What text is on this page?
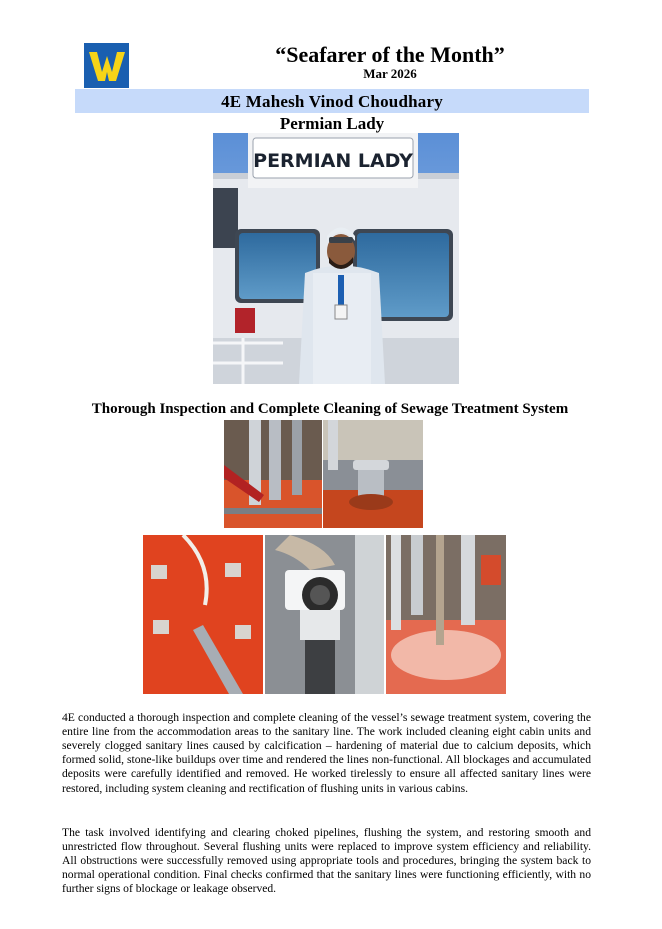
“Seafarer of the Month”
Mar 2026
4E Mahesh Vinod Choudhary
Permian Lady
PERMIAN LADY
Thorough Inspection and Complete Cleaning of Sewage Treatment System

4E conducted a thorough inspection and complete cleaning of the vessel’s sewage treatment system, covering the entire line from the accommodation areas to the sanitary line. The work included cleaning eight cabin units and severely clogged sanitary lines caused by calcification – hardening of material due to calcium deposits, which formed solid, stone-like buildups over time and rendered the lines non-functional. All blockages and accumulated deposits were carefully identified and removed. He worked tirelessly to ensure all affected sanitary lines were restored, including system cleaning and rectification of flushing units in various cabins.

The task involved identifying and clearing choked pipelines, flushing the system, and restoring smooth and unrestricted flow throughout. Several flushing units were replaced to improve system efficiency and reliability. All obstructions were successfully removed using appropriate tools and procedures, bringing the system back to normal operational condition. Final checks confirmed that the sanitary lines were functioning efficiently, with no further signs of blockage or leakage observed.
